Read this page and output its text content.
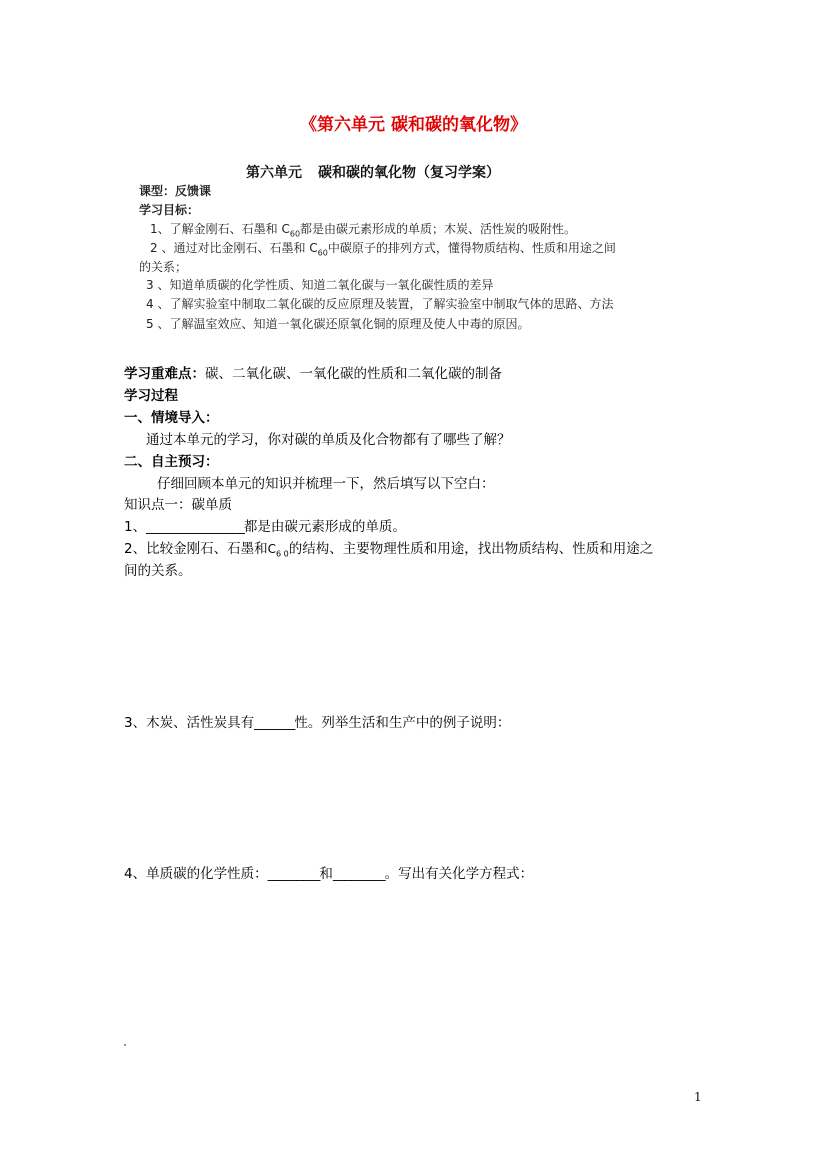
《第六单元 碳和碳的氧化物》
第六单元 碳和碳的氧化物（复习学案）
课型：反馈课
学习目标：
1、了解金刚石、石墨和 $C_{60}$都是由碳元素形成的单质；木炭、活性炭的吸附性。
2 、通过对比金刚石、石墨和 $C_{60}$中碳原子的排列方式，懂得物质结构、性质和用途之间
的关系；
3 、知道单质碳的化学性质、知道二氧化碳与一氧化碳性质的差异
4 、了解实验室中制取二氧化碳的反应原理及装置，了解实验室中制取气体的思路、方法
5 、了解温室效应、知道一氧化碳还原氧化铜的原理及使人中毒的原因。
学习重难点：碳、二氧化碳、一氧化碳的性质和二氧化碳的制备
学习过程
一、情境导入：
通过本单元的学习，你对碳的单质及化合物都有了哪些了解？
二、自主预习：
仔细回顾本单元的知识并梳理一下，然后填写以下空白：
知识点一：碳单质
1、_________________都是由碳元素形成的单质。
2、比较金刚石、石墨和$C_{6 0}$的结构、主要物理性质和用途，找出物质结构、性质和用途之
间的关系。
3、木炭、活性炭具有_______性。列举生活和生产中的例子说明：
4、单质碳的化学性质：_________和_________。写出有关化学方程式：
1
